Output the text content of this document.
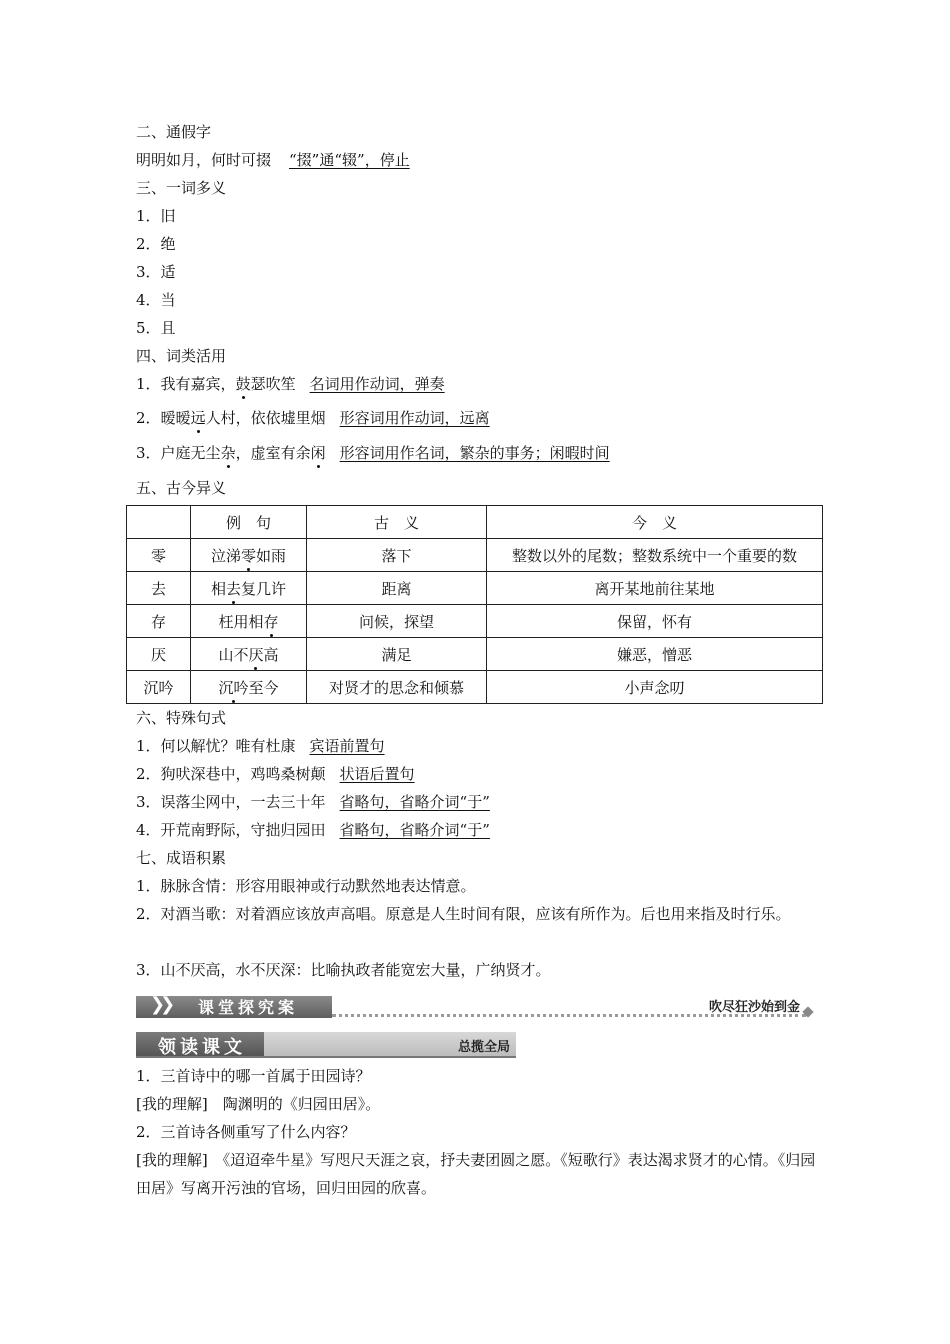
二、通假字
明明如月，何时可掇 “掇”通“辍”，停止
三、一词多义
2．绝
3．适
4．当
5．且
1．旧
四、词类活用
1．我有嘉宾，鼓瑟吹笙 名词用作动词，弹奏
2．暧暧远人村，依依墟里烟 形容词用作动词，远离
3．户庭无尘杂，虚室有余闲 形容词用作名词，繁杂的事务；闲暇时间
五、古今异义
	例　句	古　义	今　义
零	泣涕零如雨	落下	整数以外的尾数；整数系统中一个重要的数
去	相去复几许	距离	离开某地前往某地
存	枉用相存	问候，探望	保留，怀有
厌	山不厌高	满足	嫌恶，憎恶
沉吟	沉吟至今	对贤才的思念和倾慕	小声念叨
六、特殊句式
1．何以解忧？唯有杜康 宾语前置句
2．狗吠深巷中，鸡鸣桑树颠 状语后置句
3．误落尘网中，一去三十年 省略句，省略介词“于”
4．开荒南野际，守拙归园田 省略句，省略介词“于”
七、成语积累
1．脉脉含情：形容用眼神或行动默然地表达情意。
2．对酒当歌：对着酒应该放声高唱。原意是人生时间有限，应该有所作为。后也用来指及时行乐。
3．山不厌高，水不厌深：比喻执政者能宽宏大量，广纳贤才。
❯❯ 课堂探究案	吹尽狂沙始到金
领读课文	总揽全局
1．三首诗中的哪一首属于田园诗？
[我的理解]　陶渊明的《归园田居》。
2．三首诗各侧重写了什么内容？
[我的理解]　《迢迢牵牛星》写咫尺天涯之哀，抒夫妻团圆之愿。《短歌行》表达渴求贤才的心情。《归园田居》写离开污浊的官场，回归田园的欣喜。
